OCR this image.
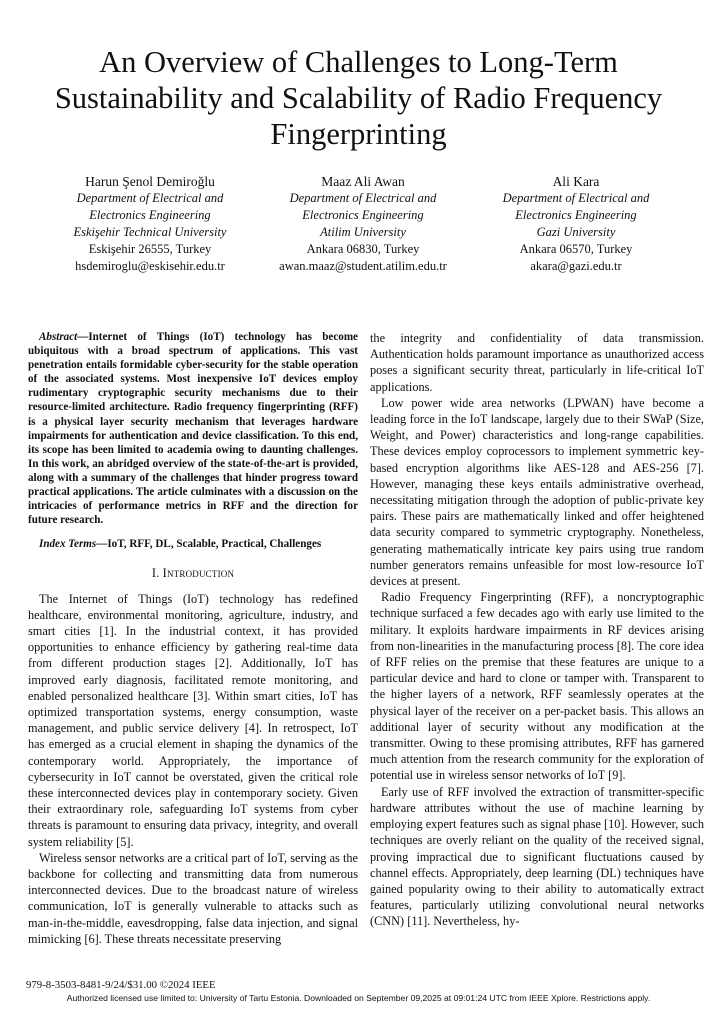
An Overview of Challenges to Long-Term
Sustainability and Scalability of Radio Frequency
Fingerprinting
Harun Şenol Demiroğlu
Department of Electrical and
Electronics Engineering
Eskişehir Technical University
Eskişehir 26555, Turkey
hsdemiroglu@eskisehir.edu.tr
Maaz Ali Awan
Department of Electrical and
Electronics Engineering
Atilim University
Ankara 06830, Turkey
awan.maaz@student.atilim.edu.tr
Ali Kara
Department of Electrical and
Electronics Engineering
Gazi University
Ankara 06570, Turkey
akara@gazi.edu.tr

Abstract—Internet of Things (IoT) technology has become ubiquitous with a broad spectrum of applications. This vast penetration entails formidable cyber-security for the stable operation of the associated systems. Most inexpensive IoT devices employ rudimentary cryptographic security mechanisms due to their resource-limited architecture. Radio frequency fingerprinting (RFF) is a physical layer security mechanism that leverages hardware impairments for authentication and device classification. To this end, its scope has been limited to academia owing to daunting challenges. In this work, an abridged overview of the state-of-the-art is provided, along with a summary of the challenges that hinder progress toward practical applications. The article culminates with a discussion on the intricacies of performance metrics in RFF and the direction for future research.

Index Terms—IoT, RFF, DL, Scalable, Practical, Challenges

I. Introduction

The Internet of Things (IoT) technology has redefined healthcare, environmental monitoring, agriculture, industry, and smart cities [1]. In the industrial context, it has provided opportunities to enhance efficiency by gathering real-time data from different production stages [2]. Additionally, IoT has improved early diagnosis, facilitated remote monitoring, and enabled personalized healthcare [3]. Within smart cities, IoT has optimized transportation systems, energy consumption, waste management, and public service delivery [4]. In retrospect, IoT has emerged as a crucial element in shaping the dynamics of the contemporary world. Appropriately, the importance of cybersecurity in IoT cannot be overstated, given the critical role these interconnected devices play in contemporary society. Given their extraordinary role, safeguarding IoT systems from cyber threats is paramount to ensuring data privacy, integrity, and overall system reliability [5].

Wireless sensor networks are a critical part of IoT, serving as the backbone for collecting and transmitting data from numerous interconnected devices. Due to the broadcast nature of wireless communication, IoT is generally vulnerable to attacks such as man-in-the-middle, eavesdropping, false data injection, and signal mimicking [6]. These threats necessitate preserving

the integrity and confidentiality of data transmission. Authentication holds paramount importance as unauthorized access poses a significant security threat, particularly in life-critical IoT applications.

Low power wide area networks (LPWAN) have become a leading force in the IoT landscape, largely due to their SWaP (Size, Weight, and Power) characteristics and long-range capabilities. These devices employ coprocessors to implement symmetric key-based encryption algorithms like AES-128 and AES-256 [7]. However, managing these keys entails administrative overhead, necessitating mitigation through the adoption of public-private key pairs. These pairs are mathematically linked and offer heightened data security compared to symmetric cryptography. Nonetheless, generating mathematically intricate key pairs using true random number generators remains unfeasible for most low-resource IoT devices at present.

Radio Frequency Fingerprinting (RFF), a noncryptographic technique surfaced a few decades ago with early use limited to the military. It exploits hardware impairments in RF devices arising from non-linearities in the manufacturing process [8]. The core idea of RFF relies on the premise that these features are unique to a particular device and hard to clone or tamper with. Transparent to the higher layers of a network, RFF seamlessly operates at the physical layer of the receiver on a per-packet basis. This allows an additional layer of security without any modification at the transmitter. Owing to these promising attributes, RFF has garnered much attention from the research community for the exploration of potential use in wireless sensor networks of IoT [9].

Early use of RFF involved the extraction of transmitter-specific hardware attributes without the use of machine learning by employing expert features such as signal phase [10]. However, such techniques are overly reliant on the quality of the received signal, proving impractical due to significant fluctuations caused by channel effects. Appropriately, deep learning (DL) techniques have gained popularity owing to their ability to automatically extract features, particularly utilizing convolutional neural networks (CNN) [11]. Nevertheless, hy-

979-8-3503-8481-9/24/$31.00 ©2024 IEEE
Authorized licensed use limited to: University of Tartu Estonia. Downloaded on September 09,2025 at 09:01:24 UTC from IEEE Xplore. Restrictions apply.
